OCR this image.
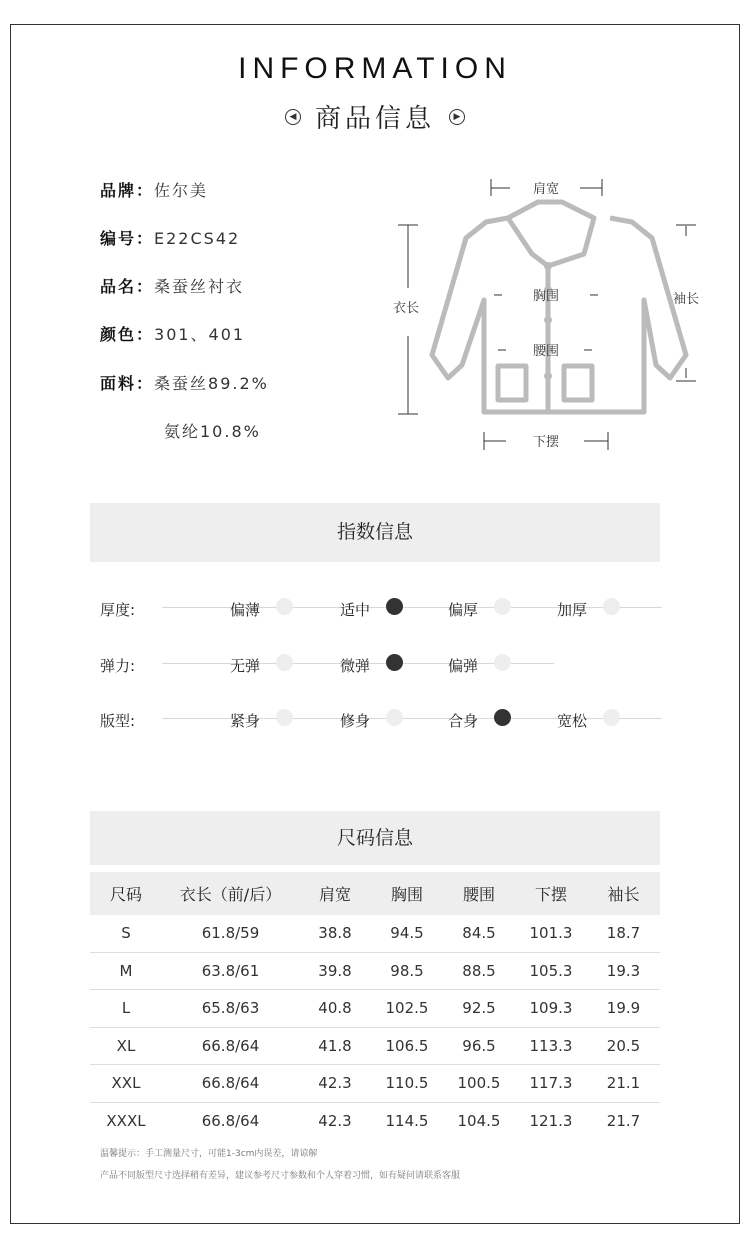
INFORMATION
◀ 商品信息	▶
品牌：佐尔美
编号：E22CS42
品名：桑蚕丝衬衣
颜色：301、401
面料：桑蚕丝89.2%
氨纶10.8%
肩宽
衣长
胸围
腰围
下摆
袖长
指数信息
厚度:	偏薄	适中	偏厚	加厚
弹力:	无弹	微弹	偏弹
版型:	紧身	修身	合身	宽松
尺码信息
尺码	衣长（前/后）	肩宽	胸围	腰围	下摆	袖长
S	61.8/59	38.8	94.5	84.5	101.3	18.7
M	63.8/61	39.8	98.5	88.5	105.3	19.3
L	65.8/63	40.8	102.5	92.5	109.3	19.9
XL	66.8/64	41.8	106.5	96.5	113.3	20.5
XXL	66.8/64	42.3	110.5	100.5	117.3	21.1
XXXL	66.8/64	42.3	114.5	104.5	121.3	21.7
温馨提示：手工测量尺寸，可能1-3cm内误差，请谅解
产品不同版型尺寸选择稍有差异，建议参考尺寸参数和个人穿着习惯，如有疑问请联系客服
